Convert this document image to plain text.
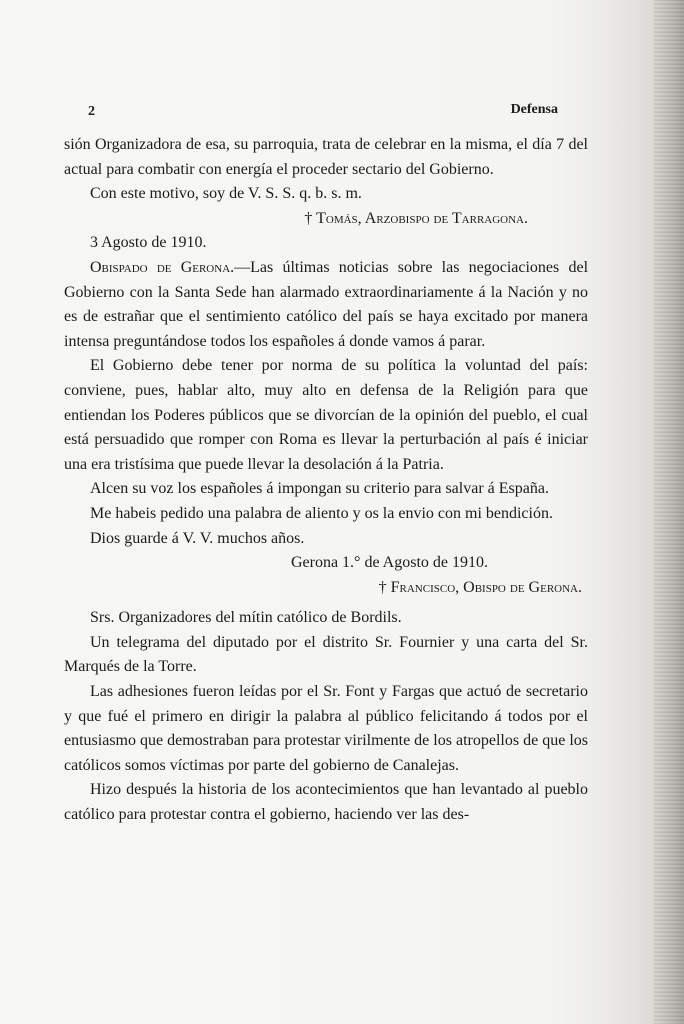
2	Defensa

sión Organizadora de esa, su parroquia, trata de celebrar en la misma, el día 7 del actual para combatir con energía el proceder sectario del Gobierno.

Con este motivo, soy de V. S. S. q. b. s. m.

† Tomás, Arzobispo de Tarragona.

3 Agosto de 1910.

Obispado de Gerona.—Las últimas noticias sobre las negociaciones del Gobierno con la Santa Sede han alarmado extraordinariamente á la Nación y no es de estrañar que el sentimiento católico del país se haya excitado por manera intensa preguntándose todos los españoles á donde vamos á parar.

El Gobierno debe tener por norma de su política la voluntad del país: conviene, pues, hablar alto, muy alto en defensa de la Religión para que entiendan los Poderes públicos que se divorcían de la opinión del pueblo, el cual está persuadido que romper con Roma es llevar la perturbación al país é iniciar una era tristísima que puede llevar la desolación á la Patria.

Alcen su voz los españoles á impongan su criterio para salvar á España.

Me habeis pedido una palabra de aliento y os la envio con mi bendición.

Dios guarde á V. V. muchos años.

Gerona 1.° de Agosto de 1910.

† Francisco, Obispo de Gerona.

Srs. Organizadores del mítin católico de Bordils.

Un telegrama del diputado por el distrito Sr. Fournier y una carta del Sr. Marqués de la Torre.

Las adhesiones fueron leídas por el Sr. Font y Fargas que actuó de secretario y que fué el primero en dirigir la palabra al público felicitando á todos por el entusiasmo que demostraban para protestar virilmente de los atropellos de que los católicos somos víctimas por parte del gobierno de Canalejas.

Hizo después la historia de los acontecimientos que han levantado al pueblo católico para protestar contra el gobierno, haciendo ver las des-
